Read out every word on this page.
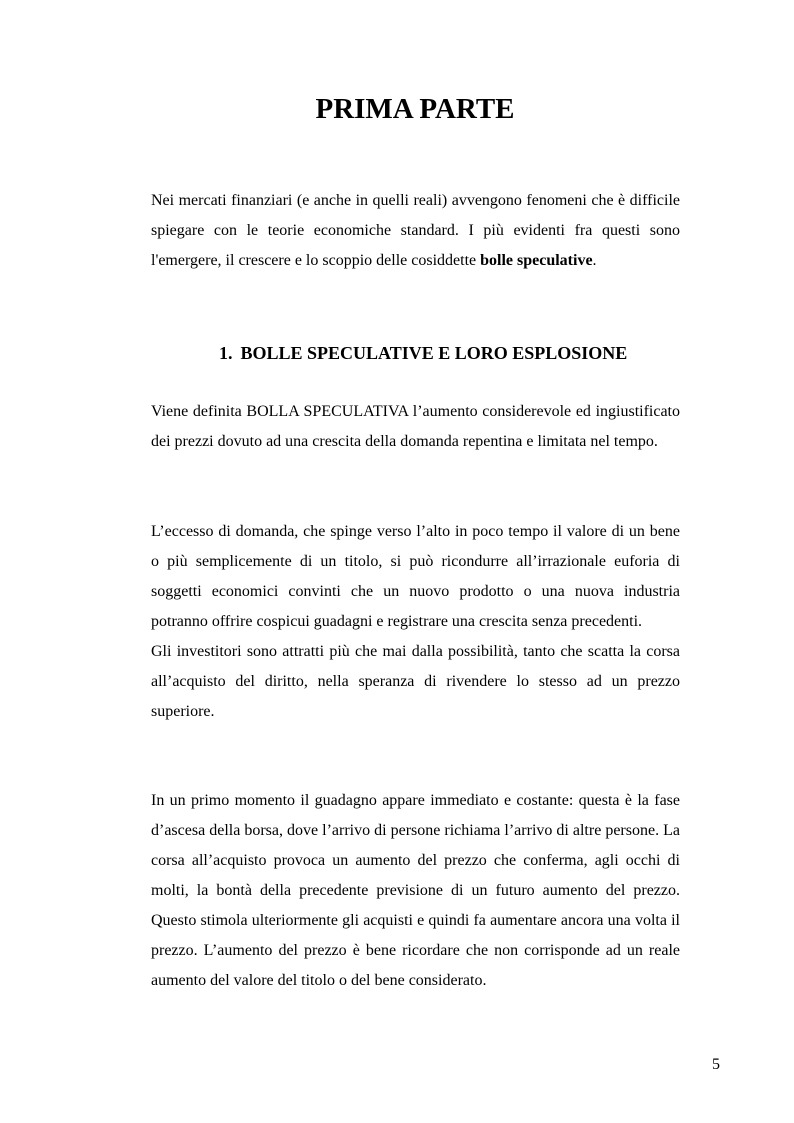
PRIMA PARTE

Nei mercati finanziari (e anche in quelli reali) avvengono fenomeni che è difficile spiegare con le teorie economiche standard. I più evidenti fra questi sono l'emergere, il crescere e lo scoppio delle cosiddette bolle speculative.

1. BOLLE SPECULATIVE E LORO ESPLOSIONE

Viene definita BOLLA SPECULATIVA l’aumento considerevole ed ingiustificato dei prezzi dovuto ad una crescita della domanda repentina e limitata nel tempo.

L’eccesso di domanda, che spinge verso l’alto in poco tempo il valore di un bene o più semplicemente di un titolo, si può ricondurre all’irrazionale euforia di soggetti economici convinti che un nuovo prodotto o una nuova industria potranno offrire cospicui guadagni e registrare una crescita senza precedenti.
Gli investitori sono attratti più che mai dalla possibilità, tanto che scatta la corsa all’acquisto del diritto, nella speranza di rivendere lo stesso ad un prezzo superiore.

In un primo momento il guadagno appare immediato e costante: questa è la fase d’ascesa della borsa, dove l’arrivo di persone richiama l’arrivo di altre persone. La corsa all’acquisto provoca un aumento del prezzo che conferma, agli occhi di molti, la bontà della precedente previsione di un futuro aumento del prezzo. Questo stimola ulteriormente gli acquisti e quindi fa aumentare ancora una volta il prezzo. L’aumento del prezzo è bene ricordare che non corrisponde ad un reale aumento del valore del titolo o del bene considerato.

5
